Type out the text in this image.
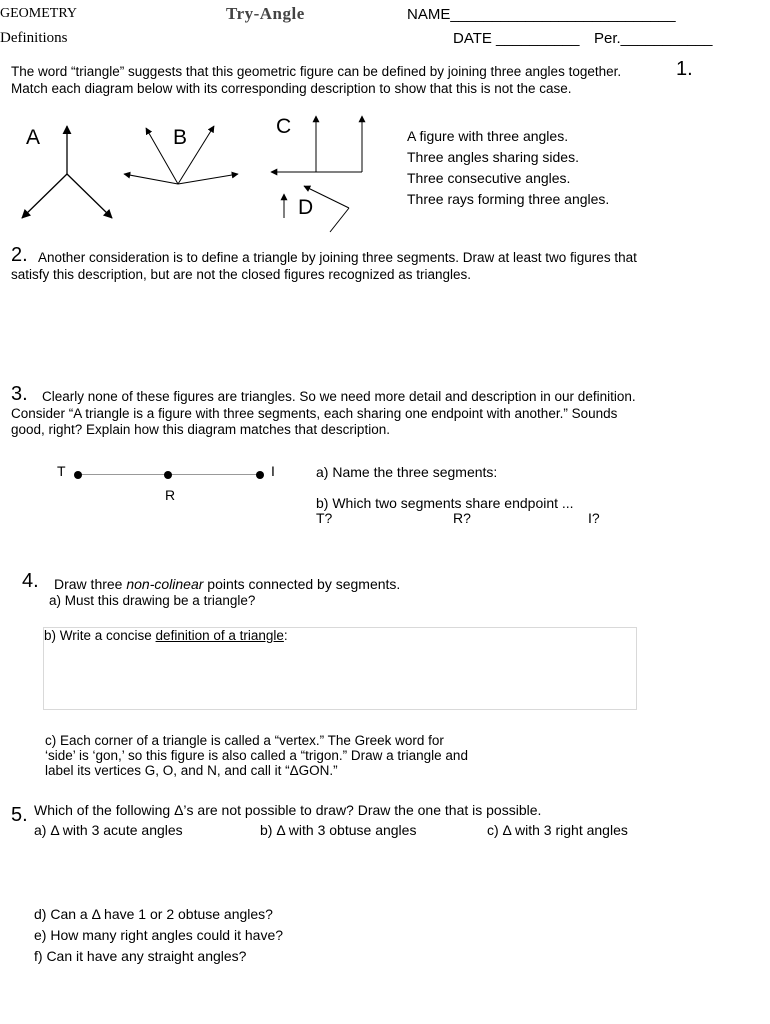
GEOMETRY
Definitions
Try-Angle	NAME___________________________
DATE __________ Per.___________
The word “triangle” suggests that this geometric figure can be defined by joining three angles together.	1.
Match each diagram below with its corresponding description to show that this is not the case.
A	B	C
D
A figure with three angles.
Three angles sharing sides.
Three consecutive angles.
Three rays forming three angles.
2. Another consideration is to define a triangle by joining three segments. Draw at least two figures that
satisfy this description, but are not the closed figures recognized as triangles.
3. Clearly none of these figures are triangles. So we need more detail and description in our definition.
Consider “A triangle is a figure with three segments, each sharing one endpoint with another.” Sounds
good, right? Explain how this diagram matches that description.
T
R
I	a) Name the three segments:
b) Which two segments share endpoint ...
T?	R?	I?
4. Draw three non-colinear points connected by segments.
a) Must this drawing be a triangle?
b) Write a concise definition of a triangle:
c) Each corner of a triangle is called a “vertex.” The Greek word for
‘side’ is ‘gon,’ so this figure is also called a “trigon.” Draw a triangle and
label its vertices G, O, and N, and call it “ΔGON.”
5. Which of the following Δ’s are not possible to draw? Draw the one that is possible.
a) Δ with 3 acute angles	b) Δ with 3 obtuse angles	c) Δ with 3 right angles
d) Can a Δ have 1 or 2 obtuse angles?
e) How many right angles could it have?
f) Can it have any straight angles?
